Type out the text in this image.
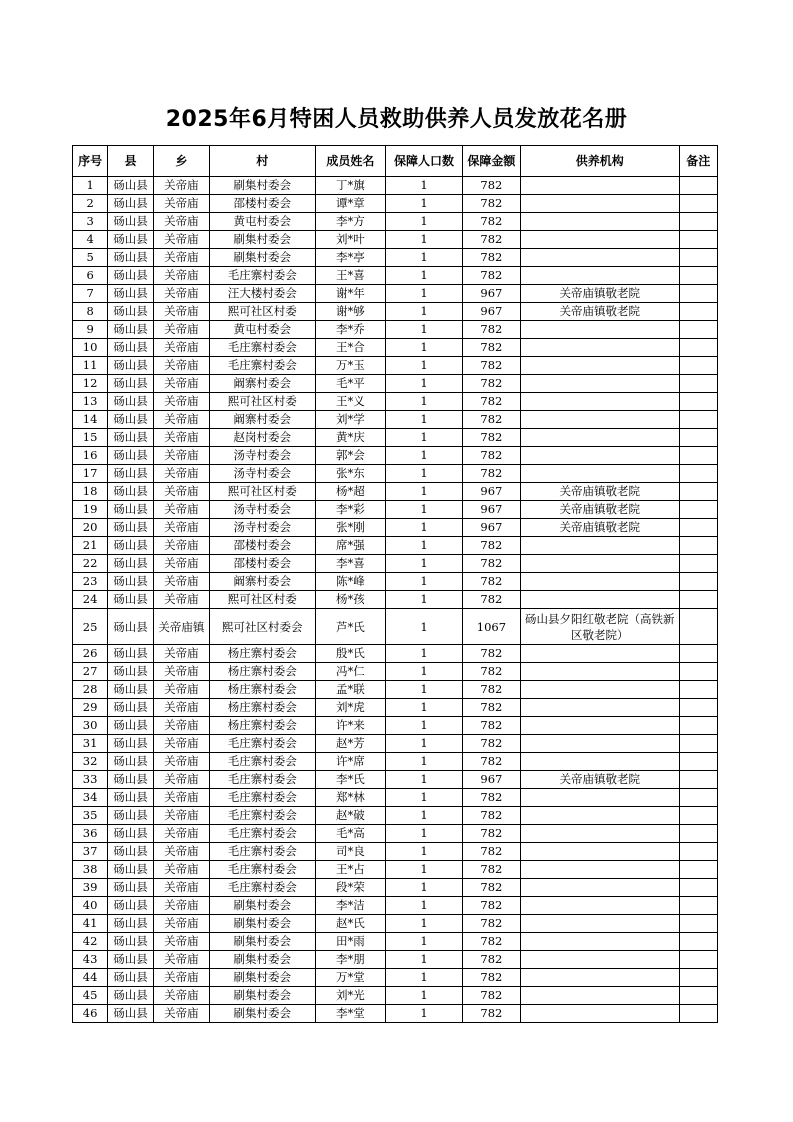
2025年6月特困人员救助供养人员发放花名册
序号	县	乡	村	成员姓名	保障人口数	保障金额	供养机构	备注
1	砀山县	关帝庙	刷集村委会	丁*旗	1	782		
2	砀山县	关帝庙	邵楼村委会	谭*章	1	782		
3	砀山县	关帝庙	黄屯村委会	李*方	1	782		
4	砀山县	关帝庙	刷集村委会	刘*叶	1	782		
5	砀山县	关帝庙	刷集村委会	李*亭	1	782		
6	砀山县	关帝庙	毛庄寨村委会	王*喜	1	782		
7	砀山县	关帝庙	汪大楼村委会	谢*年	1	967	关帝庙镇敬老院	
8	砀山县	关帝庙	熙可社区村委	谢*够	1	967	关帝庙镇敬老院	
9	砀山县	关帝庙	黄屯村委会	李*乔	1	782		
10	砀山县	关帝庙	毛庄寨村委会	王*合	1	782		
11	砀山县	关帝庙	毛庄寨村委会	万*玉	1	782		
12	砀山县	关帝庙	阚寨村委会	毛*平	1	782		
13	砀山县	关帝庙	熙可社区村委	王*义	1	782		
14	砀山县	关帝庙	阚寨村委会	刘*学	1	782		
15	砀山县	关帝庙	赵岗村委会	黄*庆	1	782		
16	砀山县	关帝庙	汤寺村委会	郭*会	1	782		
17	砀山县	关帝庙	汤寺村委会	张*东	1	782		
18	砀山县	关帝庙	熙可社区村委	杨*超	1	967	关帝庙镇敬老院	
19	砀山县	关帝庙	汤寺村委会	李*彩	1	967	关帝庙镇敬老院	
20	砀山县	关帝庙	汤寺村委会	张*刚	1	967	关帝庙镇敬老院	
21	砀山县	关帝庙	邵楼村委会	席*强	1	782		
22	砀山县	关帝庙	邵楼村委会	李*喜	1	782		
23	砀山县	关帝庙	阚寨村委会	陈*峰	1	782		
24	砀山县	关帝庙	熙可社区村委	杨*孩	1	782		
25	砀山县	关帝庙镇	熙可社区村委会	芦*氏	1	1067	砀山县夕阳红敬老院（高铁新区敬老院）	
26	砀山县	关帝庙	杨庄寨村委会	殷*氏	1	782		
27	砀山县	关帝庙	杨庄寨村委会	冯*仁	1	782		
28	砀山县	关帝庙	杨庄寨村委会	孟*联	1	782		
29	砀山县	关帝庙	杨庄寨村委会	刘*虎	1	782		
30	砀山县	关帝庙	杨庄寨村委会	许*来	1	782		
31	砀山县	关帝庙	毛庄寨村委会	赵*芳	1	782		
32	砀山县	关帝庙	毛庄寨村委会	许*席	1	782		
33	砀山县	关帝庙	毛庄寨村委会	李*氏	1	967	关帝庙镇敬老院	
34	砀山县	关帝庙	毛庄寨村委会	郑*林	1	782		
35	砀山县	关帝庙	毛庄寨村委会	赵*破	1	782		
36	砀山县	关帝庙	毛庄寨村委会	毛*高	1	782		
37	砀山县	关帝庙	毛庄寨村委会	司*良	1	782		
38	砀山县	关帝庙	毛庄寨村委会	王*占	1	782		
39	砀山县	关帝庙	毛庄寨村委会	段*荣	1	782		
40	砀山县	关帝庙	刷集村委会	李*洁	1	782		
41	砀山县	关帝庙	刷集村委会	赵*氏	1	782		
42	砀山县	关帝庙	刷集村委会	田*雨	1	782		
43	砀山县	关帝庙	刷集村委会	李*朋	1	782		
44	砀山县	关帝庙	刷集村委会	万*堂	1	782		
45	砀山县	关帝庙	刷集村委会	刘*光	1	782		
46	砀山县	关帝庙	刷集村委会	李*堂	1	782		
